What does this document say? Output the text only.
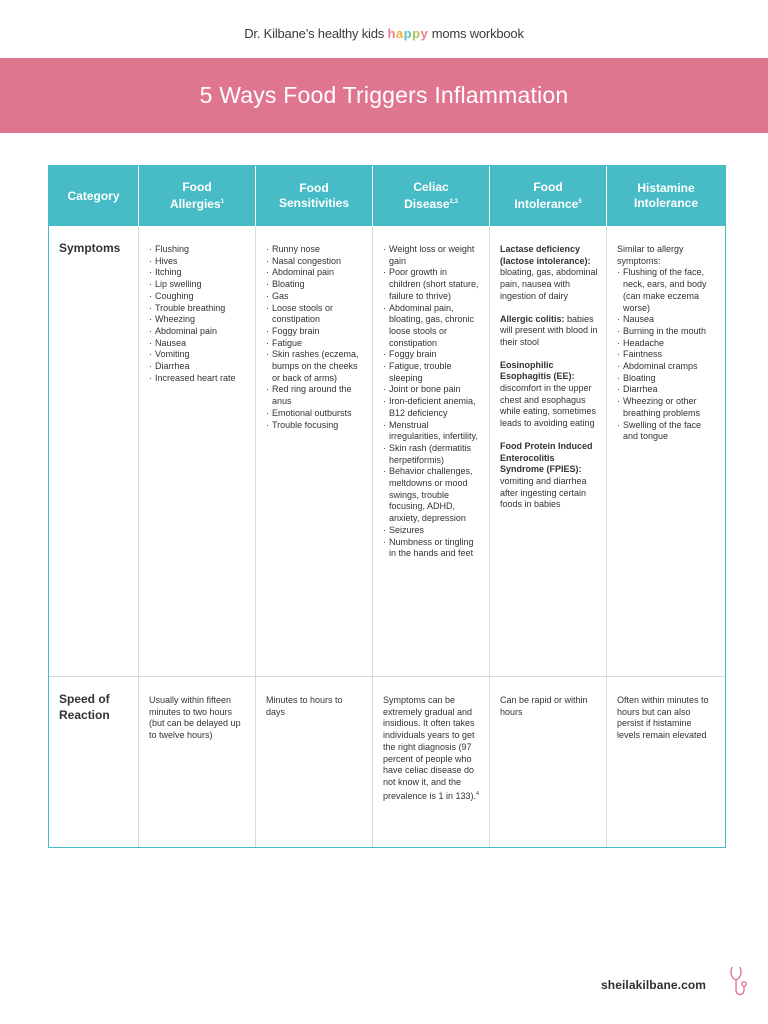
Dr. Kilbane’s healthy kids happy moms workbook
5 Ways Food Triggers Inflammation
Category
Food
Allergies$^1$
Food
Sensitivities
Celiac
Disease$^{2,3}$
Food
Intolerance$^5$
Histamine
Intolerance
Symptoms
·	Flushing
· Hives
· Itching
· Lip swelling
· Coughing
· Trouble breathing
· Wheezing
· Abdominal pain
· Nausea
· Vomiting
· Diarrhea
· Increased heart rate
· Runny nose
· Nasal congestion
· Abdominal pain
· Bloating
· Gas
· Loose stools or constipation
· Foggy brain
· Fatigue
· Skin rashes (eczema, bumps on the cheeks or back of arms)
· Red ring around the anus
· Emotional outbursts
· Trouble focusing
· Weight loss or weight gain
· Poor growth in children (short stature, failure to thrive)
· Abdominal pain, bloating, gas, chronic loose stools or constipation
· Foggy brain
· Fatigue, trouble sleeping
· Joint or bone pain
· Iron-deficient anemia, B12 deficiency
· Menstrual irregularities, infertility,
· Skin rash (dermatitis herpetiformis)
· Behavior challenges, meltdowns or mood swings, trouble focusing, ADHD, anxiety, depression
· Seizures
· Numbness or tingling in the hands and feet
Lactase deficiency (lactose intolerance): bloating, gas, abdominal pain, nausea with ingestion of dairy
Allergic colitis: babies will present with blood in their stool
Eosinophilic Esophagitis (EE): discomfort in the upper chest and esophagus while eating, sometimes leads to avoiding eating
Food Protein Induced Enterocolitis Syndrome (FPIES): vomiting and diarrhea after ingesting certain foods in babies
Similar to allergy symptoms:
· Flushing of the face, neck, ears, and body (can make eczema worse)
· Nausea
· Burning in the mouth
· Headache
· Faintness
· Abdominal cramps
· Bloating
· Diarrhea
· Wheezing or other breathing problems
· Swelling of the face and tongue
Speed of
Reaction
Usually within fifteen minutes to two hours (but can be delayed up to twelve hours)
Minutes to hours to days
Symptoms can be extremely gradual and insidious. It often takes individuals years to get the right diagnosis (97 percent of people who have celiac disease do not know it, and the prevalence is 1 in 133).$^4$
Can be rapid or within hours
Often within minutes to hours but can also persist if histamine levels remain elevated
sheilakilbane.com
